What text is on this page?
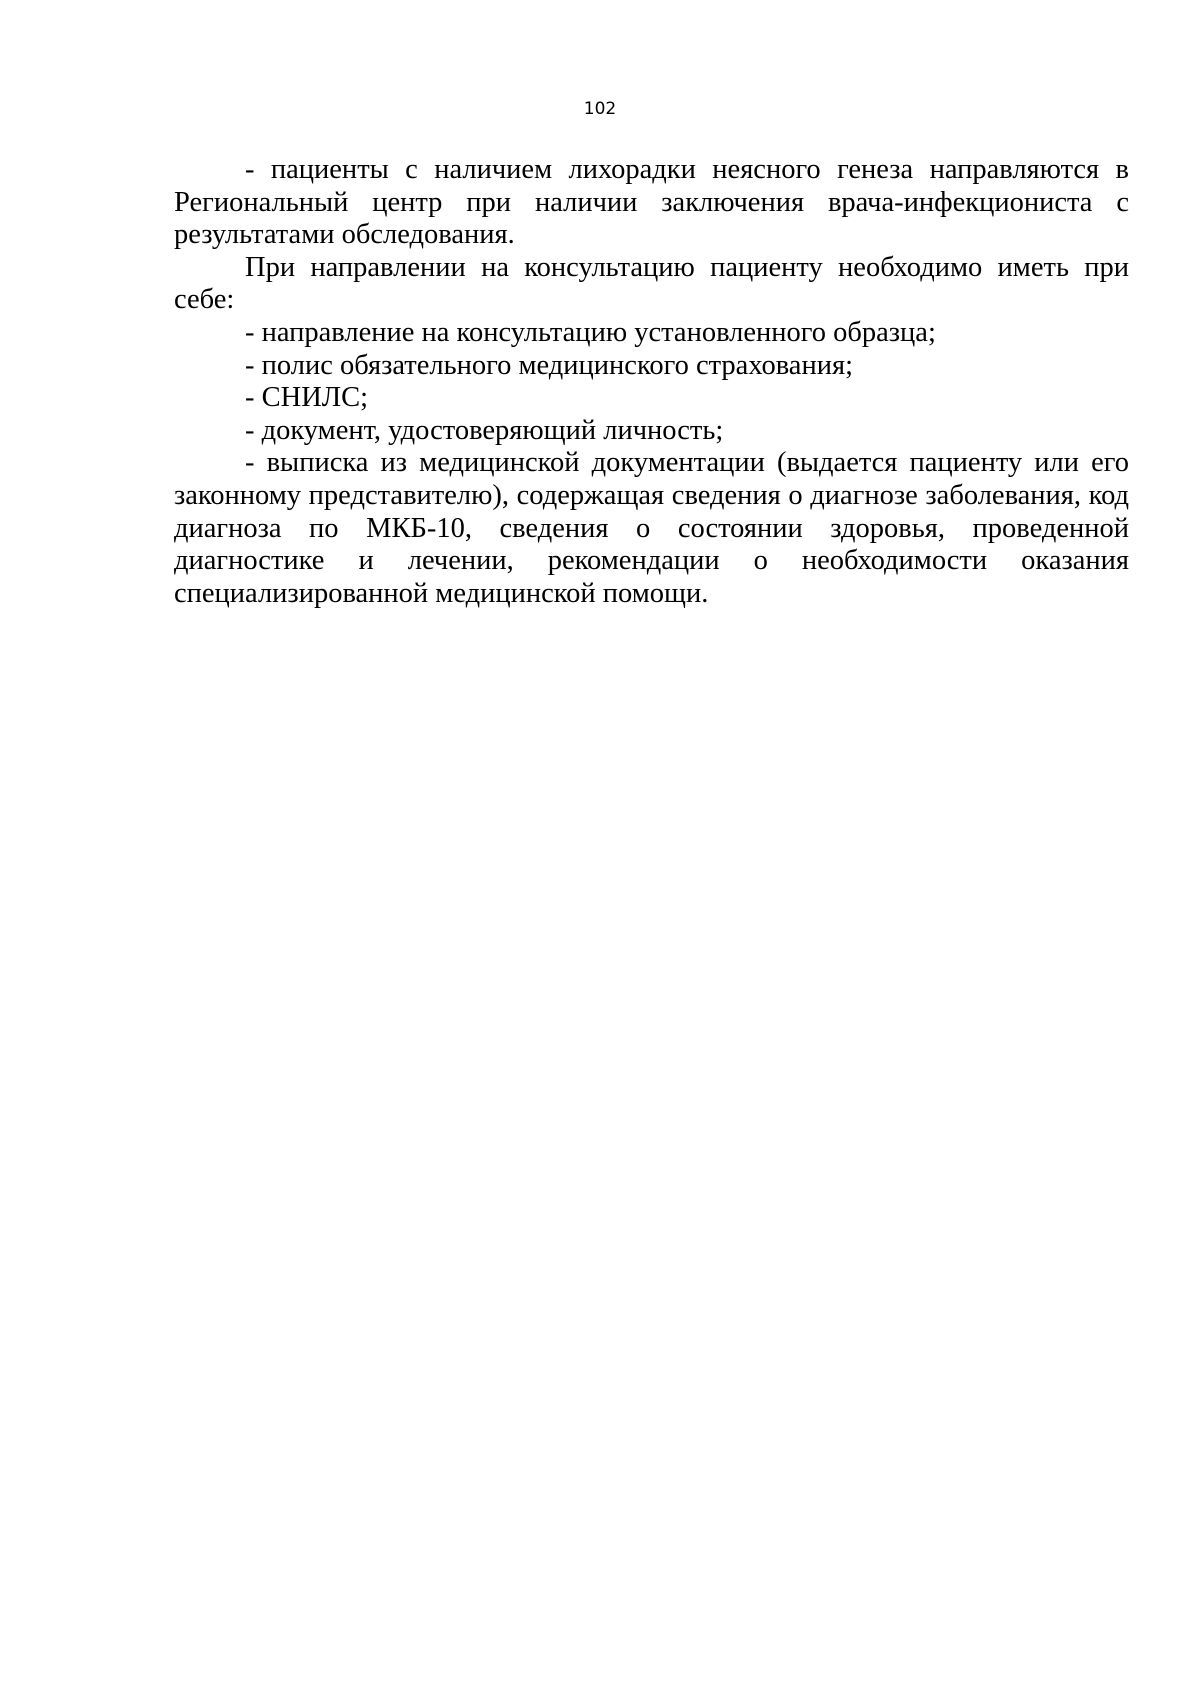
102

- пациенты с наличием лихорадки неясного генеза направляются в Региональный центр при наличии заключения врача-инфекциониста с результатами обследования.

При направлении на консультацию пациенту необходимо иметь при себе:

- направление на консультацию установленного образца;

- полис обязательного медицинского страхования;

- СНИЛС;

- документ, удостоверяющий личность;

- выписка из медицинской документации (выдается пациенту или его законному представителю), содержащая сведения о диагнозе заболевания, код диагноза по МКБ-10, сведения о состоянии здоровья, проведенной диагностике и лечении, рекомендации о необходимости оказания специализированной медицинской помощи.
